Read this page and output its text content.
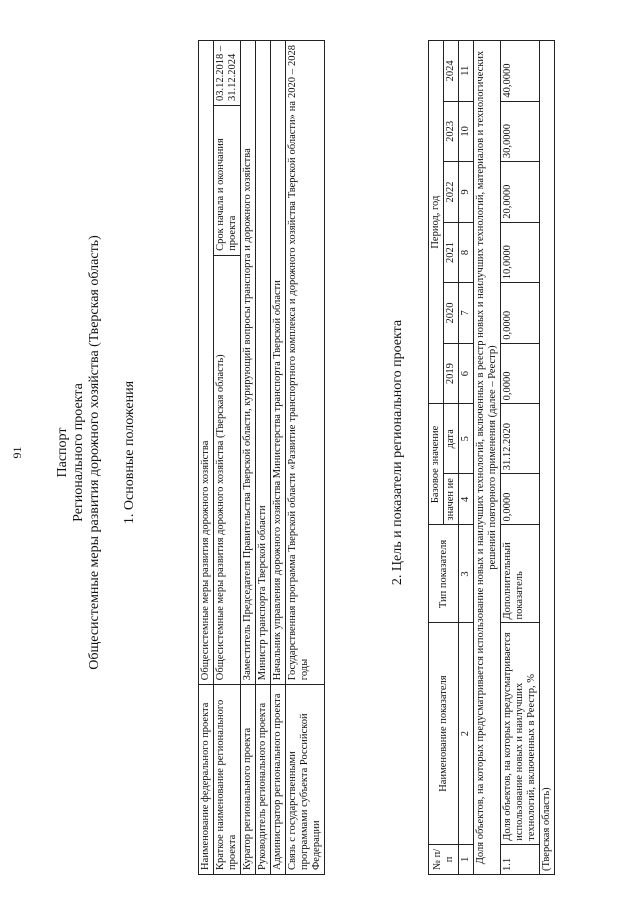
91 Паспорт Регионального проекта Общесистемные меры развития дорожного хозяйства (Тверская область) 1. Основные положения
Наименование федерального проекта	Общесистемные меры развития дорожного хозяйства		
Краткое наименование регионального проекта	Общесистемные меры развития дорожного хозяйства (Тверская область)	Срок начала и окончания проекта	03.12.2018 – 31.12.2024
Куратор регионального проекта	Заместитель Председателя Правительства Тверской области, курирующий вопросы транспорта и дорожного хозяйства		
Руководитель регионального проекта	Министр транспорта Тверской области		
Администратор регионального проекта	Начальник управления дорожного хозяйства Министерства транспорта Тверской области		
Связь с государственными программами субъекта Российской Федерации	Государственная программа Тверской области «Развитие транспортного комплекса и дорожного хозяйства Тверской области» на 2020 – 2028 годы		
2. Цель и показатели регионального проекта
№ п/п	Наименование показателя	Тип показателя	Базовое значение		Период, год					
			значен ие	дата	2019	2020	2021	2022	2023	2024

1	2	3	4	5	6	7	8	9	10	11
Доля объектов, на которых предусматривается использование новых и наилучших технологий, включенных в реестр новых и наилучших технологий, материалов и технологических решений повторного применения (далее – Реестр)										
1.1	Доля объектов, на которых предусматривается использование новых и наилучших технологий, включенных в Реестр, %	Дополнительный показатель	0,0000	31.12.2020	0,0000	0,0000	10,0000	20,0000	30,0000	40,0000
(Тверская область)										
